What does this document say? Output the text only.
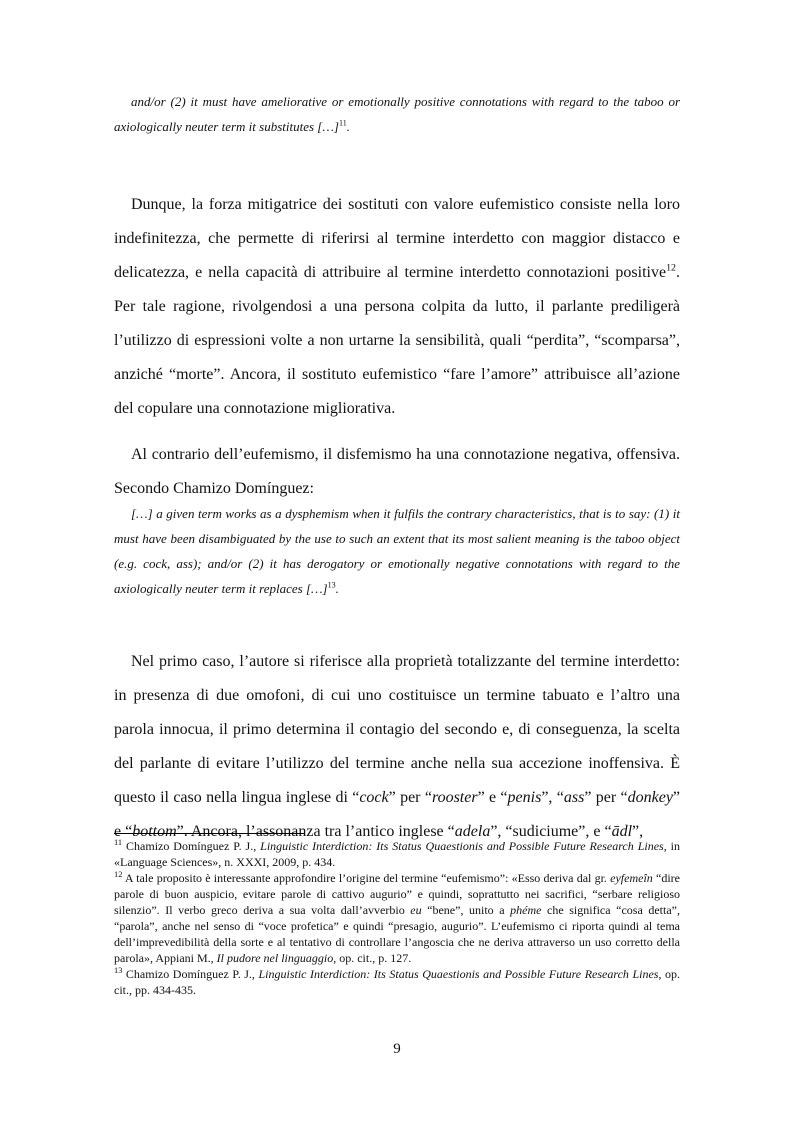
and/or (2) it must have ameliorative or emotionally positive connotations with regard to the taboo or axiologically neuter term it substitutes […]$^{11}$.

Dunque, la forza mitigatrice dei sostituti con valore eufemistico consiste nella loro indefinitezza, che permette di riferirsi al termine interdetto con maggior distacco e delicatezza, e nella capacità di attribuire al termine interdetto connotazioni positive$^{12}$. Per tale ragione, rivolgendosi a una persona colpita da lutto, il parlante prediligerà l’utilizzo di espressioni volte a non urtarne la sensibilità, quali “perdita”, “scomparsa”, anziché “morte”. Ancora, il sostituto eufemistico “fare l’amore” attribuisce all’azione del copulare una connotazione migliorativa.

Al contrario dell’eufemismo, il disfemismo ha una connotazione negativa, offensiva. Secondo Chamizo Domínguez:

[…] a given term works as a dysphemism when it fulfils the contrary characteristics, that is to say: (1) it must have been disambiguated by the use to such an extent that its most salient meaning is the taboo object (e.g. cock, ass); and/or (2) it has derogatory or emotionally negative connotations with regard to the axiologically neuter term it replaces […]$^{13}$.

Nel primo caso, l’autore si riferisce alla proprietà totalizzante del termine interdetto: in presenza di due omofoni, di cui uno costituisce un termine tabuato e l’altro una parola innocua, il primo determina il contagio del secondo e, di conseguenza, la scelta del parlante di evitare l’utilizzo del termine anche nella sua accezione inoffensiva. È questo il caso nella lingua inglese di “cock” per “rooster” e “penis”, “ass” per “donkey” e “bottom”. Ancora, l’assonanza tra l’antico inglese “adela”, “sudiciume”, e “ādl”,

$^{11}$ Chamizo Domínguez P. J., Linguistic Interdiction: Its Status Quaestionis and Possible Future Research Lines, in «Language Sciences», n. XXXI, 2009, p. 434.

$^{12}$ A tale proposito è interessante approfondire l’origine del termine “eufemismo”: «Esso deriva dal gr. eyfemeîn “dire parole di buon auspicio, evitare parole di cattivo augurio” e quindi, soprattutto nei sacrifici, “serbare religioso silenzio”. Il verbo greco deriva a sua volta dall’avverbio eu “bene”, unito a phéme che significa “cosa detta”, “parola”, anche nel senso di “voce profetica” e quindi “presagio, augurio”. L’eufemismo ci riporta quindi al tema dell’imprevedibilità della sorte e al tentativo di controllare l’angoscia che ne deriva attraverso un uso corretto della parola», Appiani M., Il pudore nel linguaggio, op. cit., p. 127.

$^{13}$ Chamizo Domínguez P. J., Linguistic Interdiction: Its Status Quaestionis and Possible Future Research Lines, op. cit., pp. 434-435.

9
